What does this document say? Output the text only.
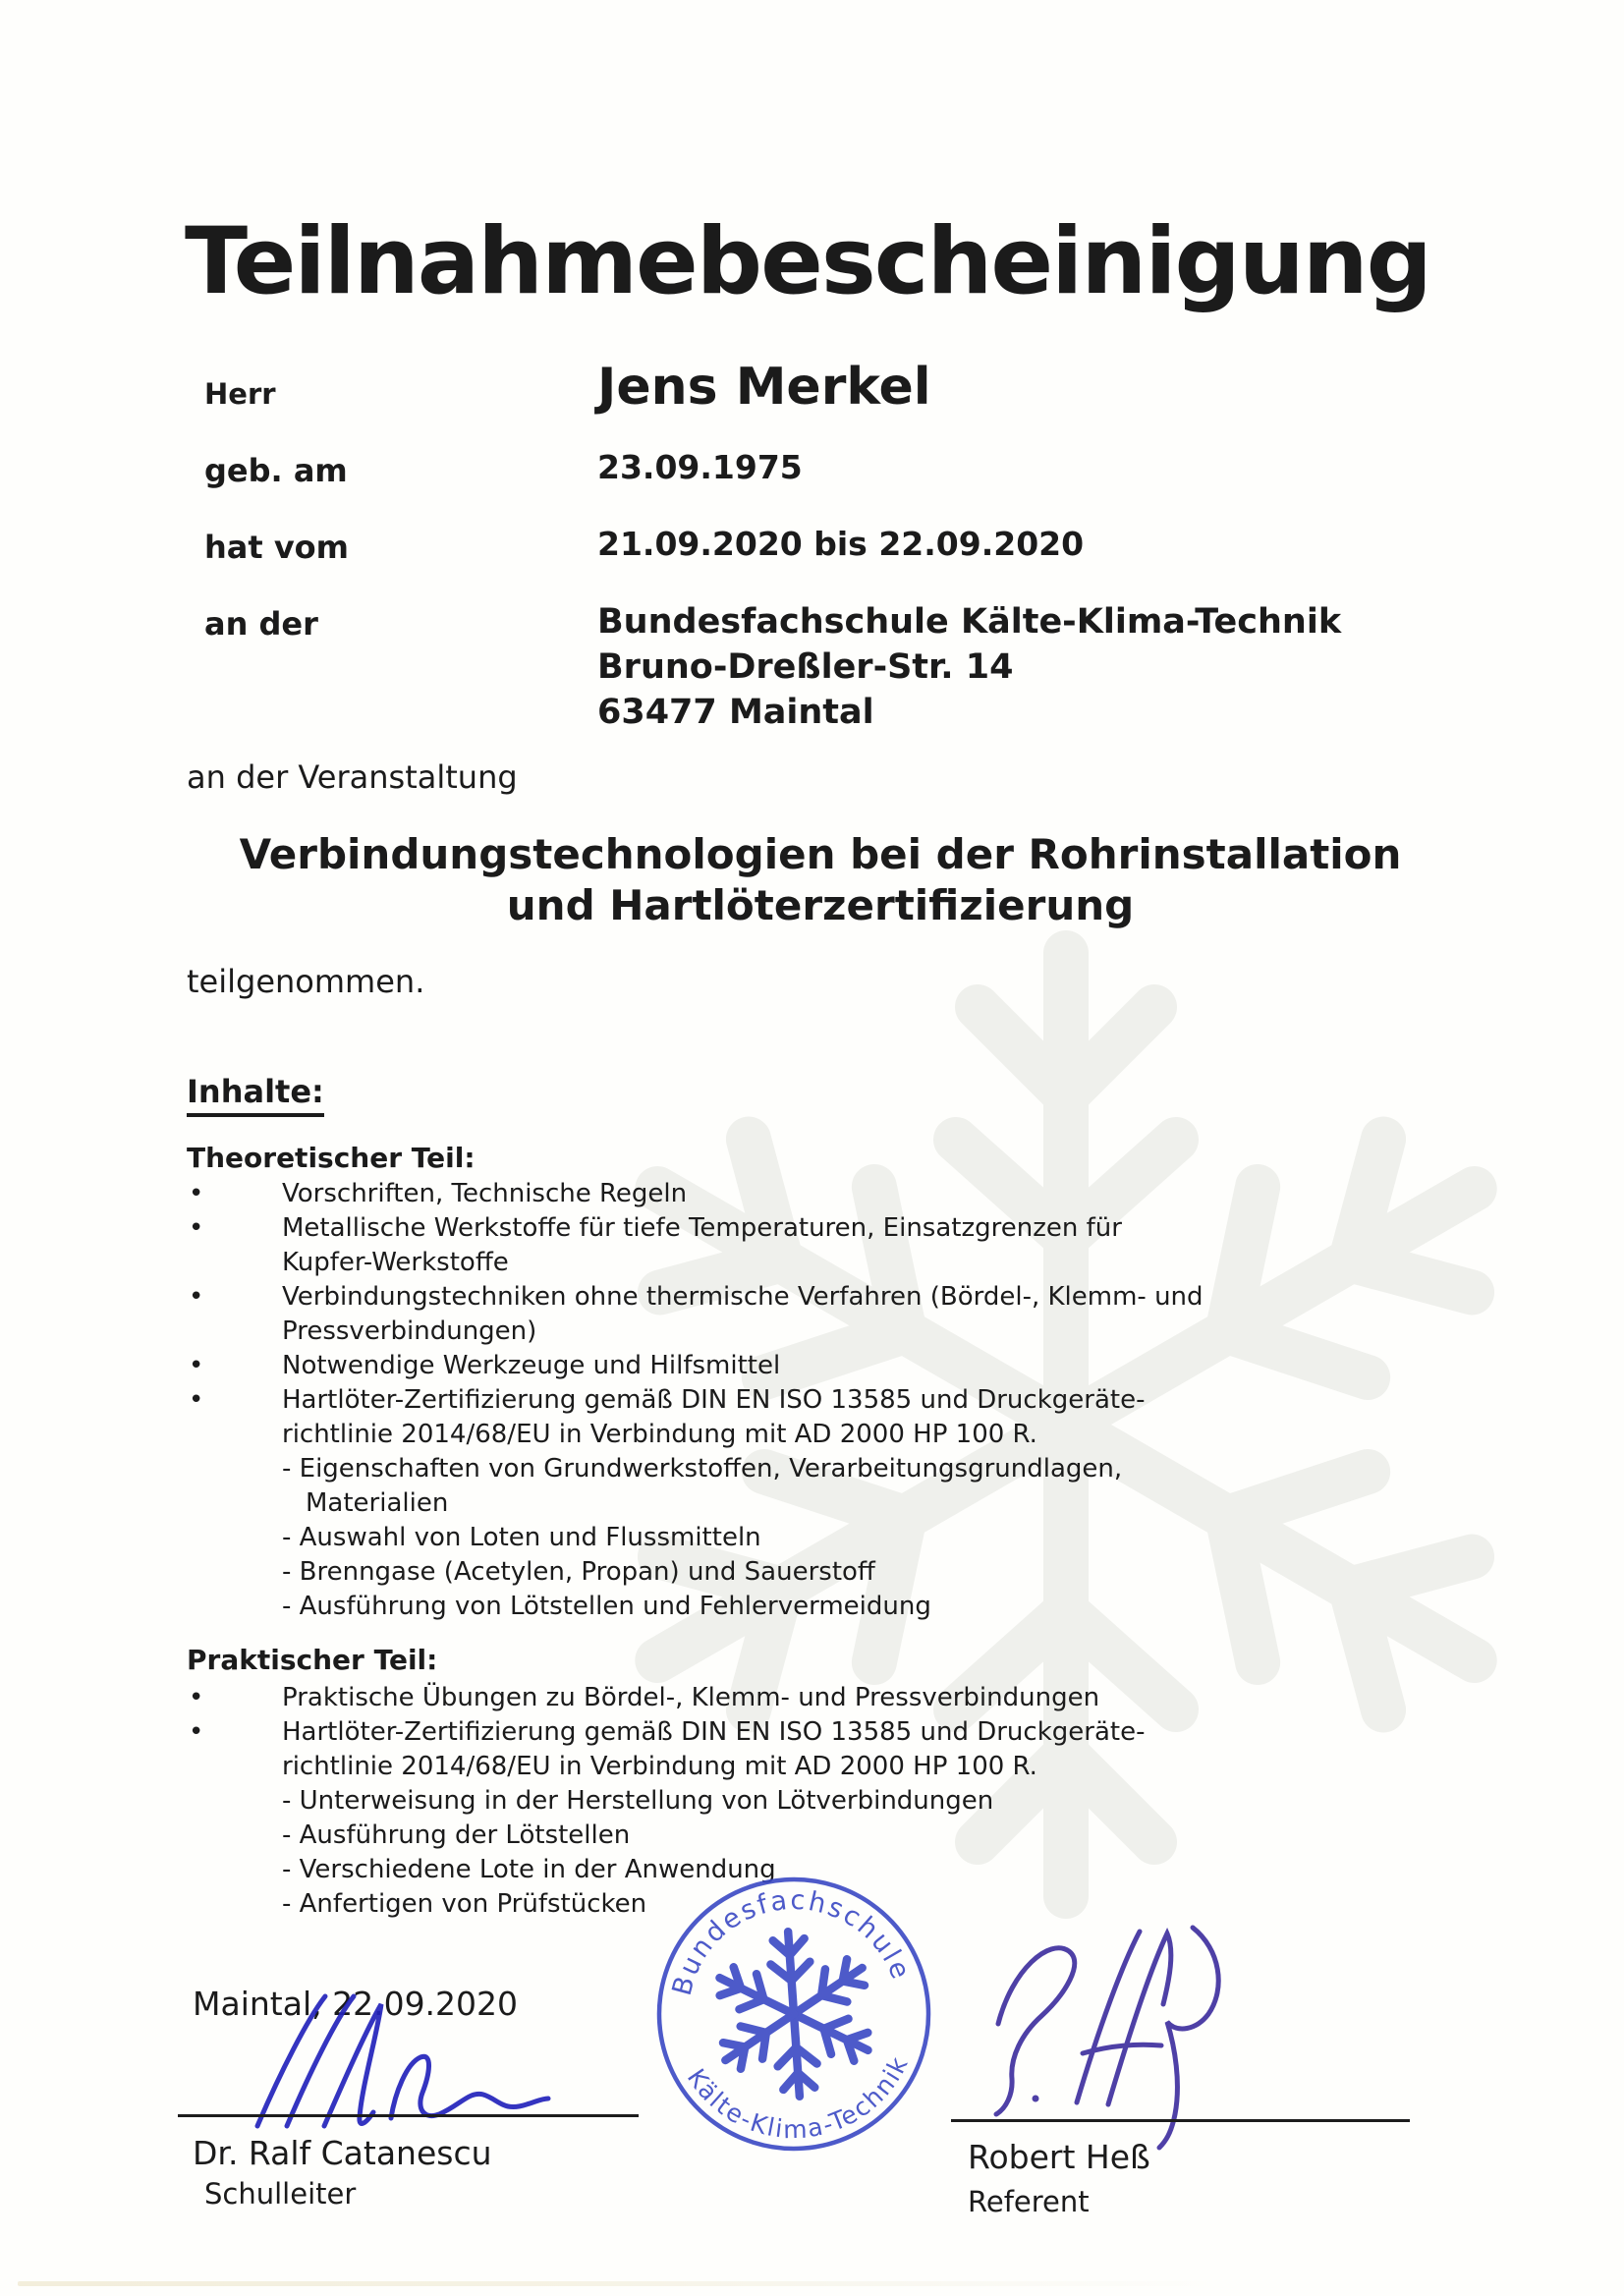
Teilnahmebescheinigung
Herr	Jens Merkel
geb. am	23.09.1975
hat vom	21.09.2020 bis 22.09.2020
an der	Bundesfachschule Kälte-Klima-Technik
Bruno-Dreßler-Str. 14
63477 Maintal
an der Veranstaltung
Verbindungstechnologien bei der Rohrinstallation
und Hartlöterzertifizierung
teilgenommen.
Inhalte:
Theoretischer Teil:
•	Vorschriften, Technische Regeln
•	Metallische Werkstoffe für tiefe Temperaturen, Einsatzgrenzen für
Kupfer-Werkstoffe
•	Verbindungstechniken ohne thermische Verfahren (Bördel-, Klemm- und
Pressverbindungen)
•	Notwendige Werkzeuge und Hilfsmittel
•	Hartlöter-Zertifizierung gemäß DIN EN ISO 13585 und Druckgeräte-
richtlinie 2014/68/EU in Verbindung mit AD 2000 HP 100 R.
- Eigenschaften von Grundwerkstoffen, Verarbeitungsgrundlagen,
Materialien
- Auswahl von Loten und Flussmitteln
- Brenngase (Acetylen, Propan) und Sauerstoff
- Ausführung von Lötstellen und Fehlervermeidung
Praktischer Teil:
•	Praktische Übungen zu Bördel-, Klemm- und Pressverbindungen
•	Hartlöter-Zertifizierung gemäß DIN EN ISO 13585 und Druckgeräte-
richtlinie 2014/68/EU in Verbindung mit AD 2000 HP 100 R.
- Unterweisung in der Herstellung von Lötverbindungen
- Ausführung der Lötstellen
- Verschiedene Lote in der Anwendung
- Anfertigen von Prüfstücken
Maintal, 22.09.2020	Bundesfachschule
Kälte-Klima-Technik
Dr. Ralf Catanescu
Schulleiter
Robert Heß
Referent
